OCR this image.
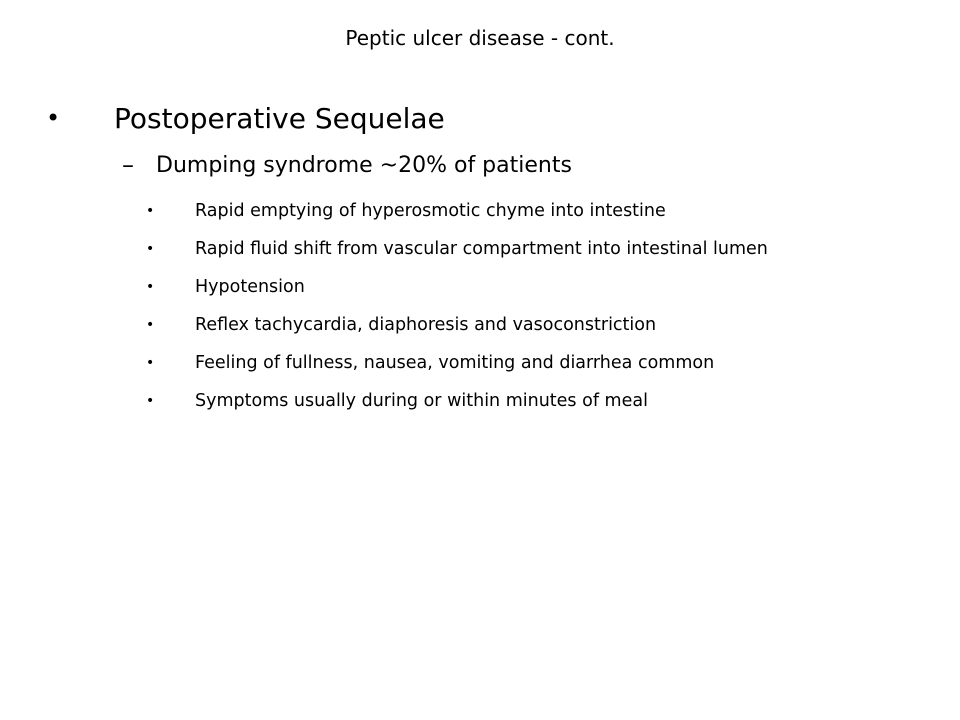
Peptic ulcer disease - cont.
•	Postoperative Sequelae
–	Dumping syndrome ~20% of patients
•	Rapid emptying of hyperosmotic chyme into intestine
•	Rapid fluid shift from vascular compartment into intestinal lumen
•	Hypotension
•	Reflex tachycardia, diaphoresis and vasoconstriction
•	Feeling of fullness, nausea, vomiting and diarrhea common
•	Symptoms usually during or within minutes of meal
